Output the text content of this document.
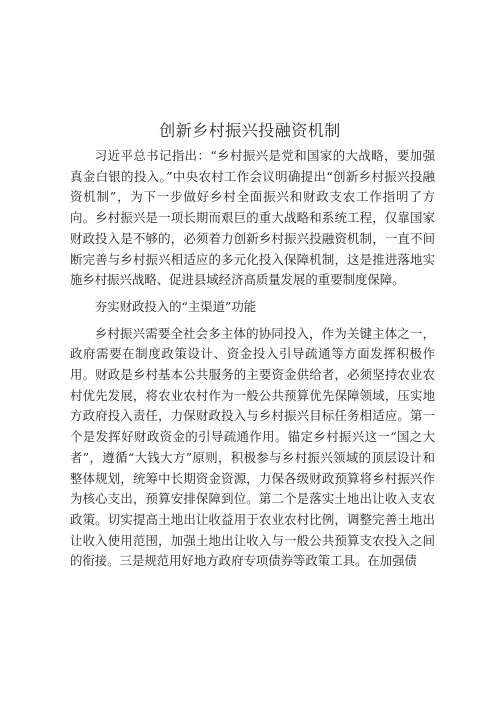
创新乡村振兴投融资机制

习近平总书记指出：“乡村振兴是党和国家的大战略，要加强真金白银的投入。”中央农村工作会议明确提出“创新乡村振兴投融资机制”，为下一步做好乡村全面振兴和财政支农工作指明了方向。乡村振兴是一项长期而艰巨的重大战略和系统工程，仅靠国家财政投入是不够的，必须着力创新乡村振兴投融资机制，一直不间断完善与乡村振兴相适应的多元化投入保障机制，这是推进落地实施乡村振兴战略、促进县域经济高质量发展的重要制度保障。

夯实财政投入的“主渠道”功能

乡村振兴需要全社会多主体的协同投入，作为关键主体之一，政府需要在制度政策设计、资金投入引导疏通等方面发挥积极作用。财政是乡村基本公共服务的主要资金供给者，必须坚持农业农村优先发展，将农业农村作为一般公共预算优先保障领域，压实地方政府投入责任，力保财政投入与乡村振兴目标任务相适应。第一个是发挥好财政资金的引导疏通作用。锚定乡村振兴这一“国之大者”，遵循“大钱大方”原则，积极参与乡村振兴领域的顶层设计和整体规划，统筹中长期资金资源，力保各级财政预算将乡村振兴作为核心支出，预算安排保障到位。第二个是落实土地出让收入支农政策。切实提高土地出让收益用于农业农村比例，调整完善土地出让收入使用范围，加强土地出让收入与一般公共预算支农投入之间的衔接。三是规范用好地方政府专项债券等政策工具。在加强债
